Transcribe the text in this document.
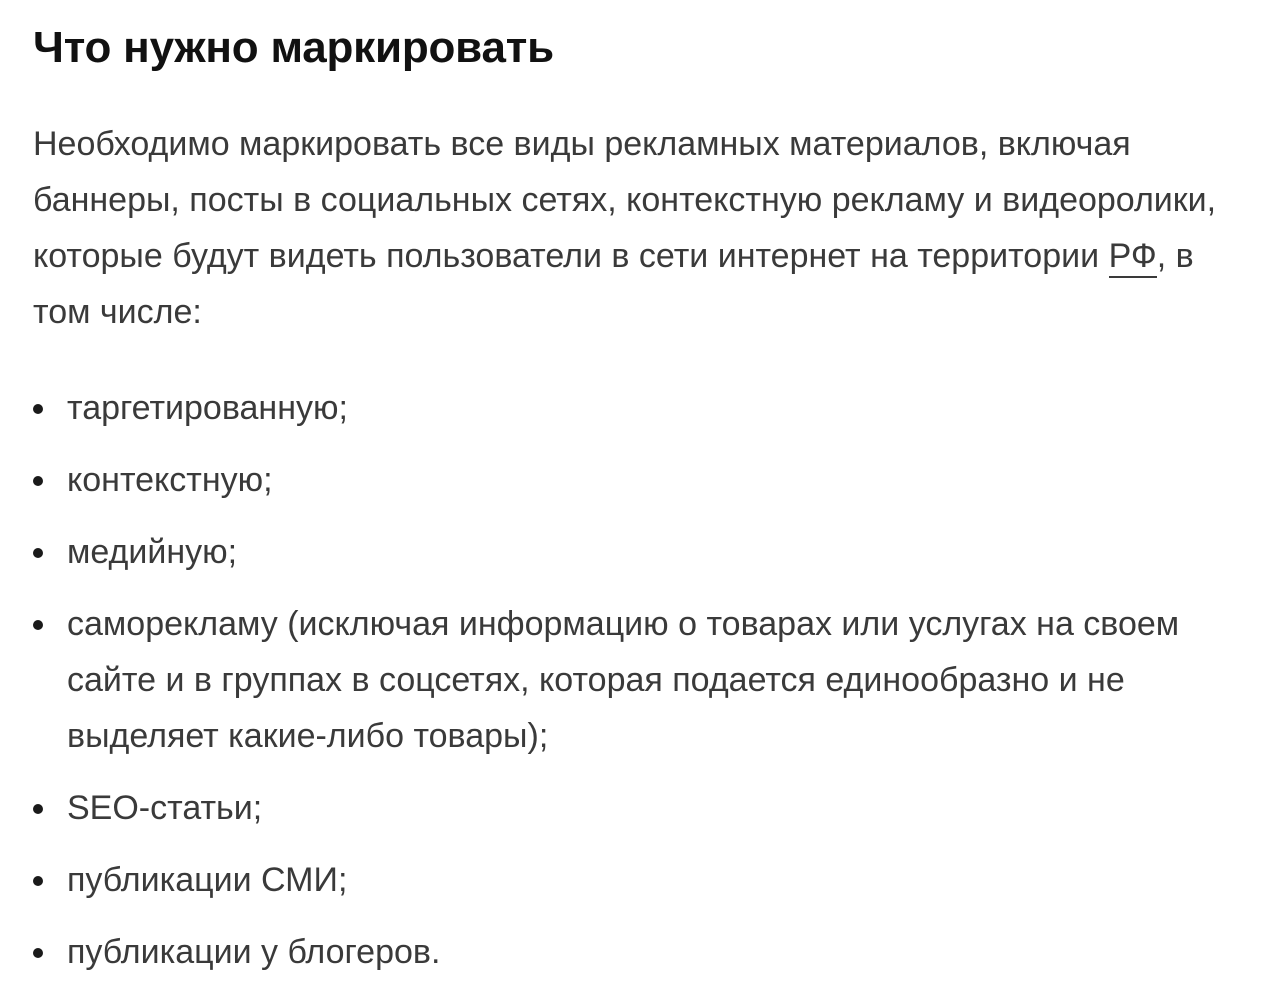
Что нужно маркировать

Необходимо маркировать все виды рекламных материалов, включая баннеры, посты в социальных сетях, контекстную рекламу и видеоролики, которые будут видеть пользователи в сети интернет на территории РФ, в том числе:

таргетированную;
контекстную;
медийную;
саморекламу (исключая информацию о товарах или услугах на своем сайте и в группах в соцсетях, которая подается единообразно и не выделяет какие-либо товары);
SEO-статьи;
публикации СМИ;
публикации у блогеров.
